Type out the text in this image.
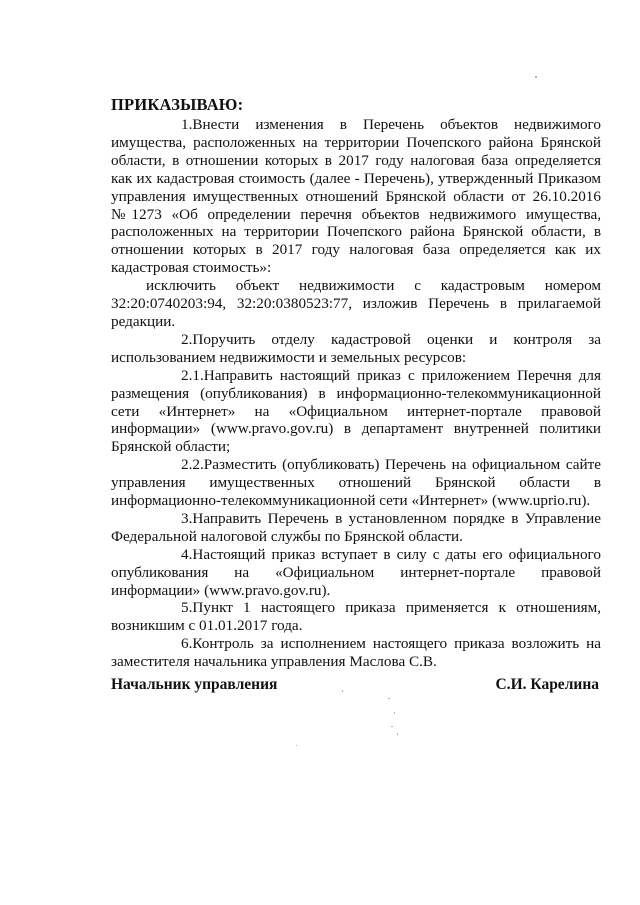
ПРИКАЗЫВАЮ:

1.Внести изменения в Перечень объектов недвижимого имущества, расположенных на территории Почепского района Брянской области, в отношении которых в 2017 году налоговая база определяется как их кадастровая стоимость (далее - Перечень), утвержденный Приказом управления имущественных отношений Брянской области от 26.10.2016 №1273 «Об определении перечня объектов недвижимого имущества, расположенных на территории Почепского района Брянской области, в отношении которых в 2017 году налоговая база определяется как их кадастровая стоимость»:

исключить объект недвижимости с кадастровым номером 32:20:0740203:94, 32:20:0380523:77, изложив Перечень в прилагаемой редакции.

2.Поручить отделу кадастровой оценки и контроля за использованием недвижимости и земельных ресурсов:

2.1.Направить настоящий приказ с приложением Перечня для размещения (опубликования) в информационно-телекоммуникационной сети «Интернет» на «Официальном интернет-портале правовой информации» (www.pravo.gov.ru) в департамент внутренней политики Брянской области;

2.2.Разместить (опубликовать) Перечень на официальном сайте управления имущественных отношений Брянской области в информационно-телекоммуникационной сети «Интернет» (www.uprio.ru).

3.Направить Перечень в установленном порядке в Управление Федеральной налоговой службы по Брянской области.

4.Настоящий приказ вступает в силу с даты его официального опубликования на «Официальном интернет-портале правовой информации» (www.pravo.gov.ru).

5.Пункт 1 настоящего приказа применяется к отношениям, возникшим с 01.01.2017 года.

6.Контроль за исполнением настоящего приказа возложить на заместителя начальника управления Маслова С.В.

Начальник управления	С.И. Карелина
